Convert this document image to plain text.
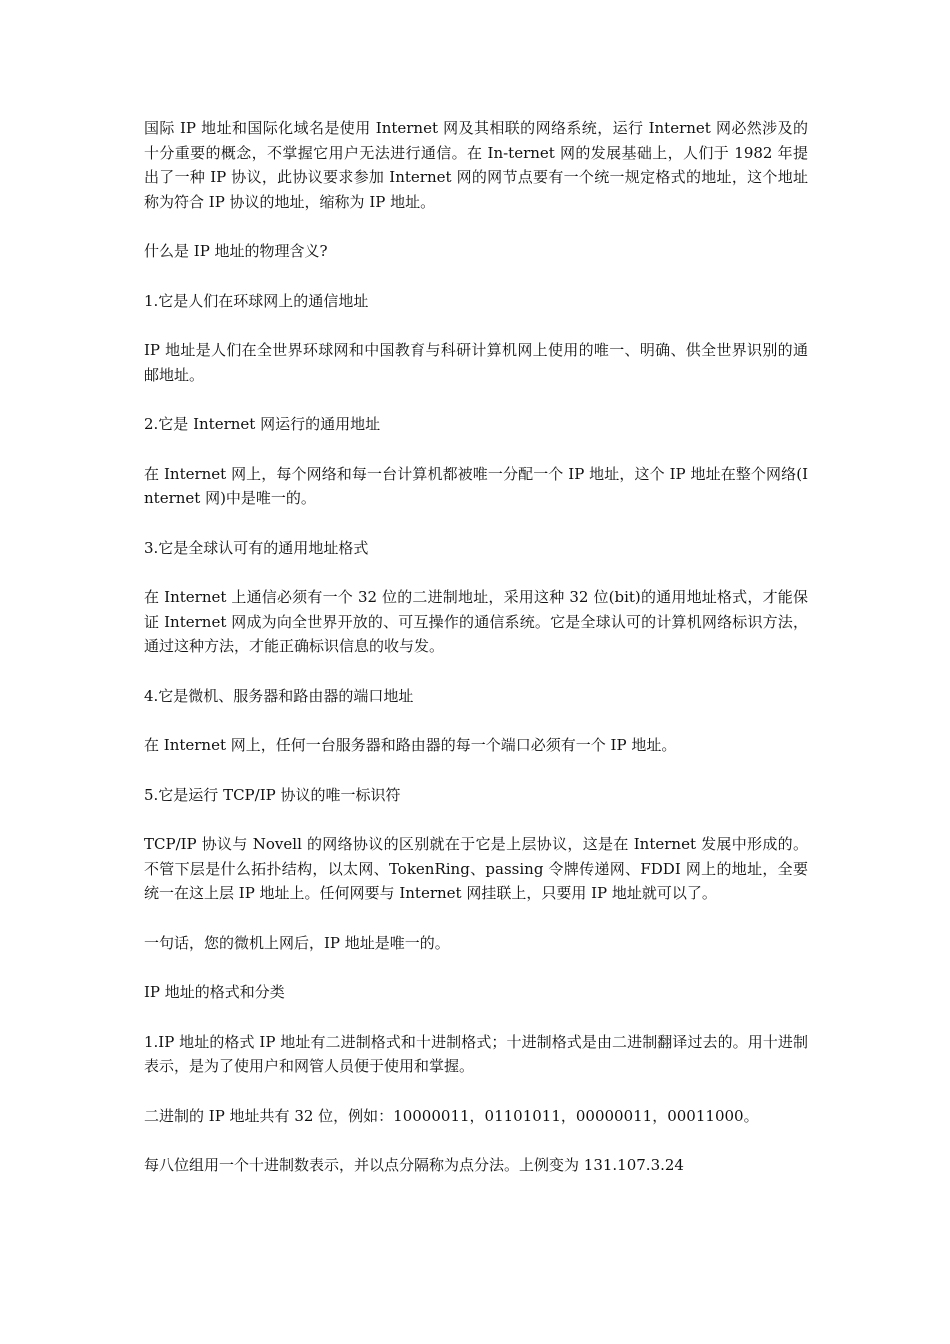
国际 IP 地址和国际化域名是使用 Internet 网及其相联的网络系统，运行 Internet 网必然涉及的十分重要的概念，不掌握它用户无法进行通信。在 In-ternet 网的发展基础上，人们于 1982 年提出了一种 IP 协议，此协议要求参加 Internet 网的网节点要有一个统一规定格式的地址，这个地址称为符合 IP 协议的地址，缩称为 IP 地址。

什么是 IP 地址的物理含义?

1.它是人们在环球网上的通信地址

IP 地址是人们在全世界环球网和中国教育与科研计算机网上使用的唯一、明确、供全世界识别的通邮地址。

2.它是 Internet 网运行的通用地址

在 Internet 网上，每个网络和每一台计算机都被唯一分配一个 IP 地址，这个 IP 地址在整个网络(Internet 网)中是唯一的。

3.它是全球认可有的通用地址格式

在 Internet 上通信必须有一个 32 位的二进制地址，采用这种 32 位(bit)的通用地址格式，才能保证 Internet 网成为向全世界开放的、可互操作的通信系统。它是全球认可的计算机网络标识方法，通过这种方法，才能正确标识信息的收与发。

4.它是微机、服务器和路由器的端口地址

在 Internet 网上，任何一台服务器和路由器的每一个端口必须有一个 IP 地址。

5.它是运行 TCP/IP 协议的唯一标识符

TCP/IP 协议与 Novell 的网络协议的区别就在于它是上层协议，这是在 Internet 发展中形成的。不管下层是什么拓扑结构，以太网、TokenRing、passing 令牌传递网、FDDI 网上的地址，全要统一在这上层 IP 地址上。任何网要与 Internet 网挂联上，只要用 IP 地址就可以了。

一句话，您的微机上网后，IP 地址是唯一的。

IP 地址的格式和分类

1.IP 地址的格式 IP 地址有二进制格式和十进制格式；十进制格式是由二进制翻译过去的。用十进制表示，是为了使用户和网管人员便于使用和掌握。

二进制的 IP 地址共有 32 位，例如：10000011，01101011，00000011，00011000。

每八位组用一个十进制数表示，并以点分隔称为点分法。上例变为 131.107.3.24
